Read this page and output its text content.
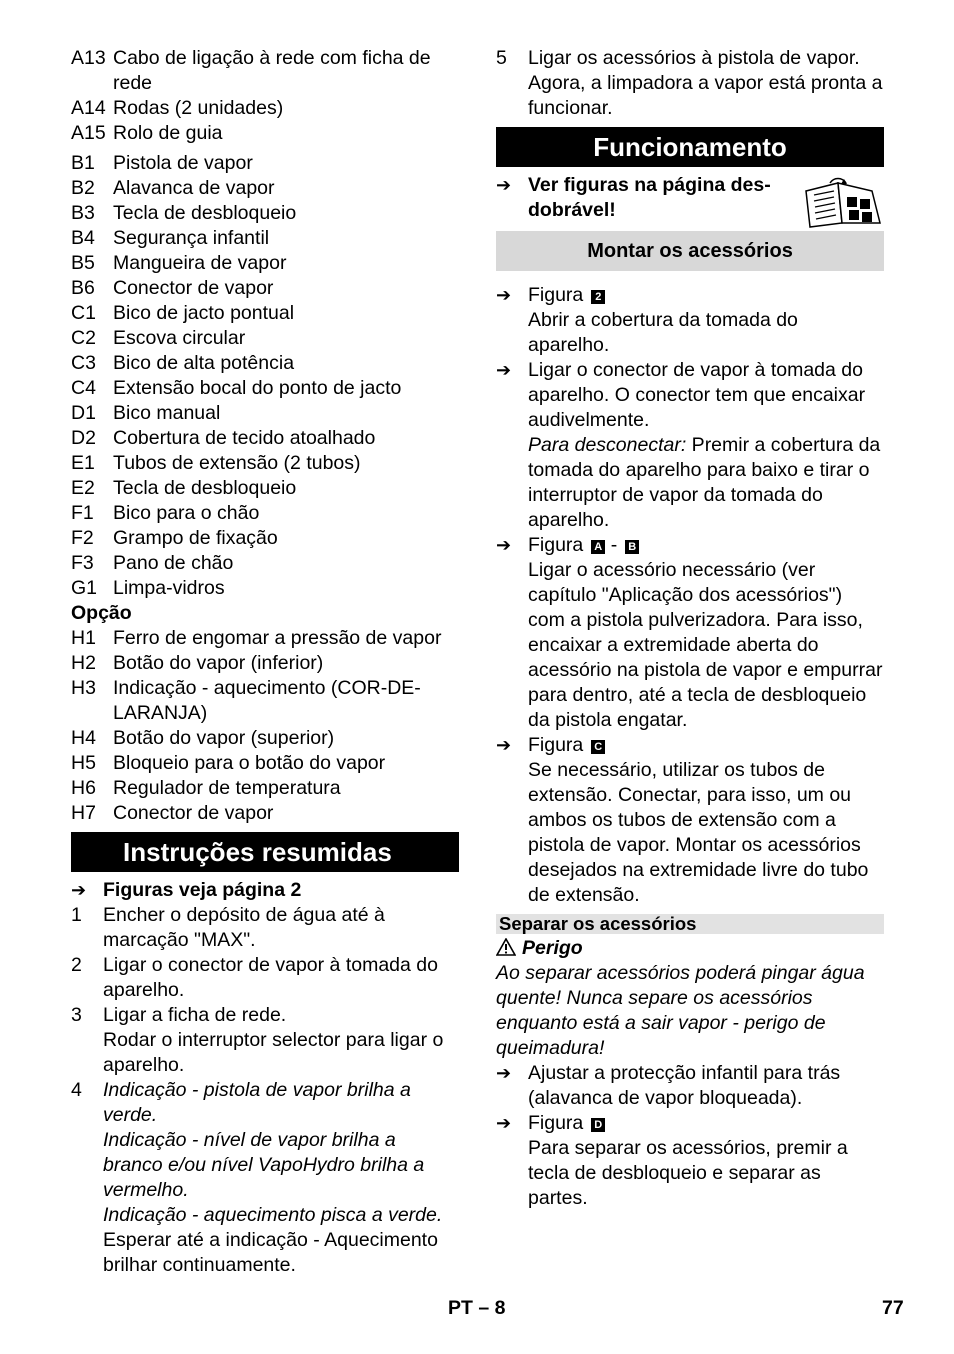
A13 Cabo de ligação à rede com ficha de rede
A14 Rodas (2 unidades)
A15 Rolo de guia
B1 Pistola de vapor
B2 Alavanca de vapor
B3 Tecla de desbloqueio
B4 Segurança infantil
B5 Mangueira de vapor
B6 Conector de vapor
C1 Bico de jacto pontual
C2 Escova circular
C3 Bico de alta potência
C4 Extensão bocal do ponto de jacto
D1 Bico manual
D2 Cobertura de tecido atoalhado
E1 Tubos de extensão (2 tubos)
E2 Tecla de desbloqueio
F1 Bico para o chão
F2 Grampo de fixação
F3 Pano de chão
G1 Limpa-vidros
Opção
H1 Ferro de engomar a pressão de vapor
H2 Botão do vapor (inferior)
H3 Indicação - aquecimento (COR-DE-LARANJA)
H4 Botão do vapor (superior)
H5 Bloqueio para o botão do vapor
H6 Regulador de temperatura
H7 Conector de vapor
Instruções resumidas
➔ Figuras veja página 2
1	Encher o depósito de água até à marcação "MAX".
2	Ligar o conector de vapor à tomada do aparelho.
3	Ligar a ficha de rede.
Rodar o interruptor selector para ligar o aparelho.
4	Indicação - pistola de vapor brilha a verde.
Indicação - nível de vapor brilha a branco e/ou nível VapoHydro brilha a vermelho.
Indicação - aquecimento pisca a verde.
Esperar até a indicação - Aquecimento brilhar continuamente.
5	Ligar os acessórios à pistola de vapor. Agora, a limpadora a vapor está pronta a funcionar.
Funcionamento
➔ Ver figuras na página des-dobrável!
Montar os acessórios
➔ Figura 2
Abrir a cobertura da tomada do aparelho.
➔ Ligar o conector de vapor à tomada do aparelho. O conector tem que encaixar audivelmente.
Para desconectar: Premir a cobertura da tomada do aparelho para baixo e tirar o interruptor de vapor da tomada do aparelho.
➔ Figura A - B
Ligar o acessório necessário (ver capítulo "Aplicação dos acessórios") com a pistola pulverizadora. Para isso, encaixar a extremidade aberta do acessório na pistola de vapor e empurrar para dentro, até a tecla de desbloqueio da pistola engatar.
➔ Figura C
Se necessário, utilizar os tubos de extensão. Conectar, para isso, um ou ambos os tubos de extensão com a pistola de vapor. Montar os acessórios desejados na extremidade livre do tubo de extensão.
Separar os acessórios
Perigo
Ao separar acessórios poderá pingar água quente! Nunca separe os acessórios enquanto está a sair vapor - perigo de queimadura!
➔ Ajustar a protecção infantil para trás (alavanca de vapor bloqueada).
➔ Figura D
Para separar os acessórios, premir a tecla de desbloqueio e separar as partes.
PT – 8	77
